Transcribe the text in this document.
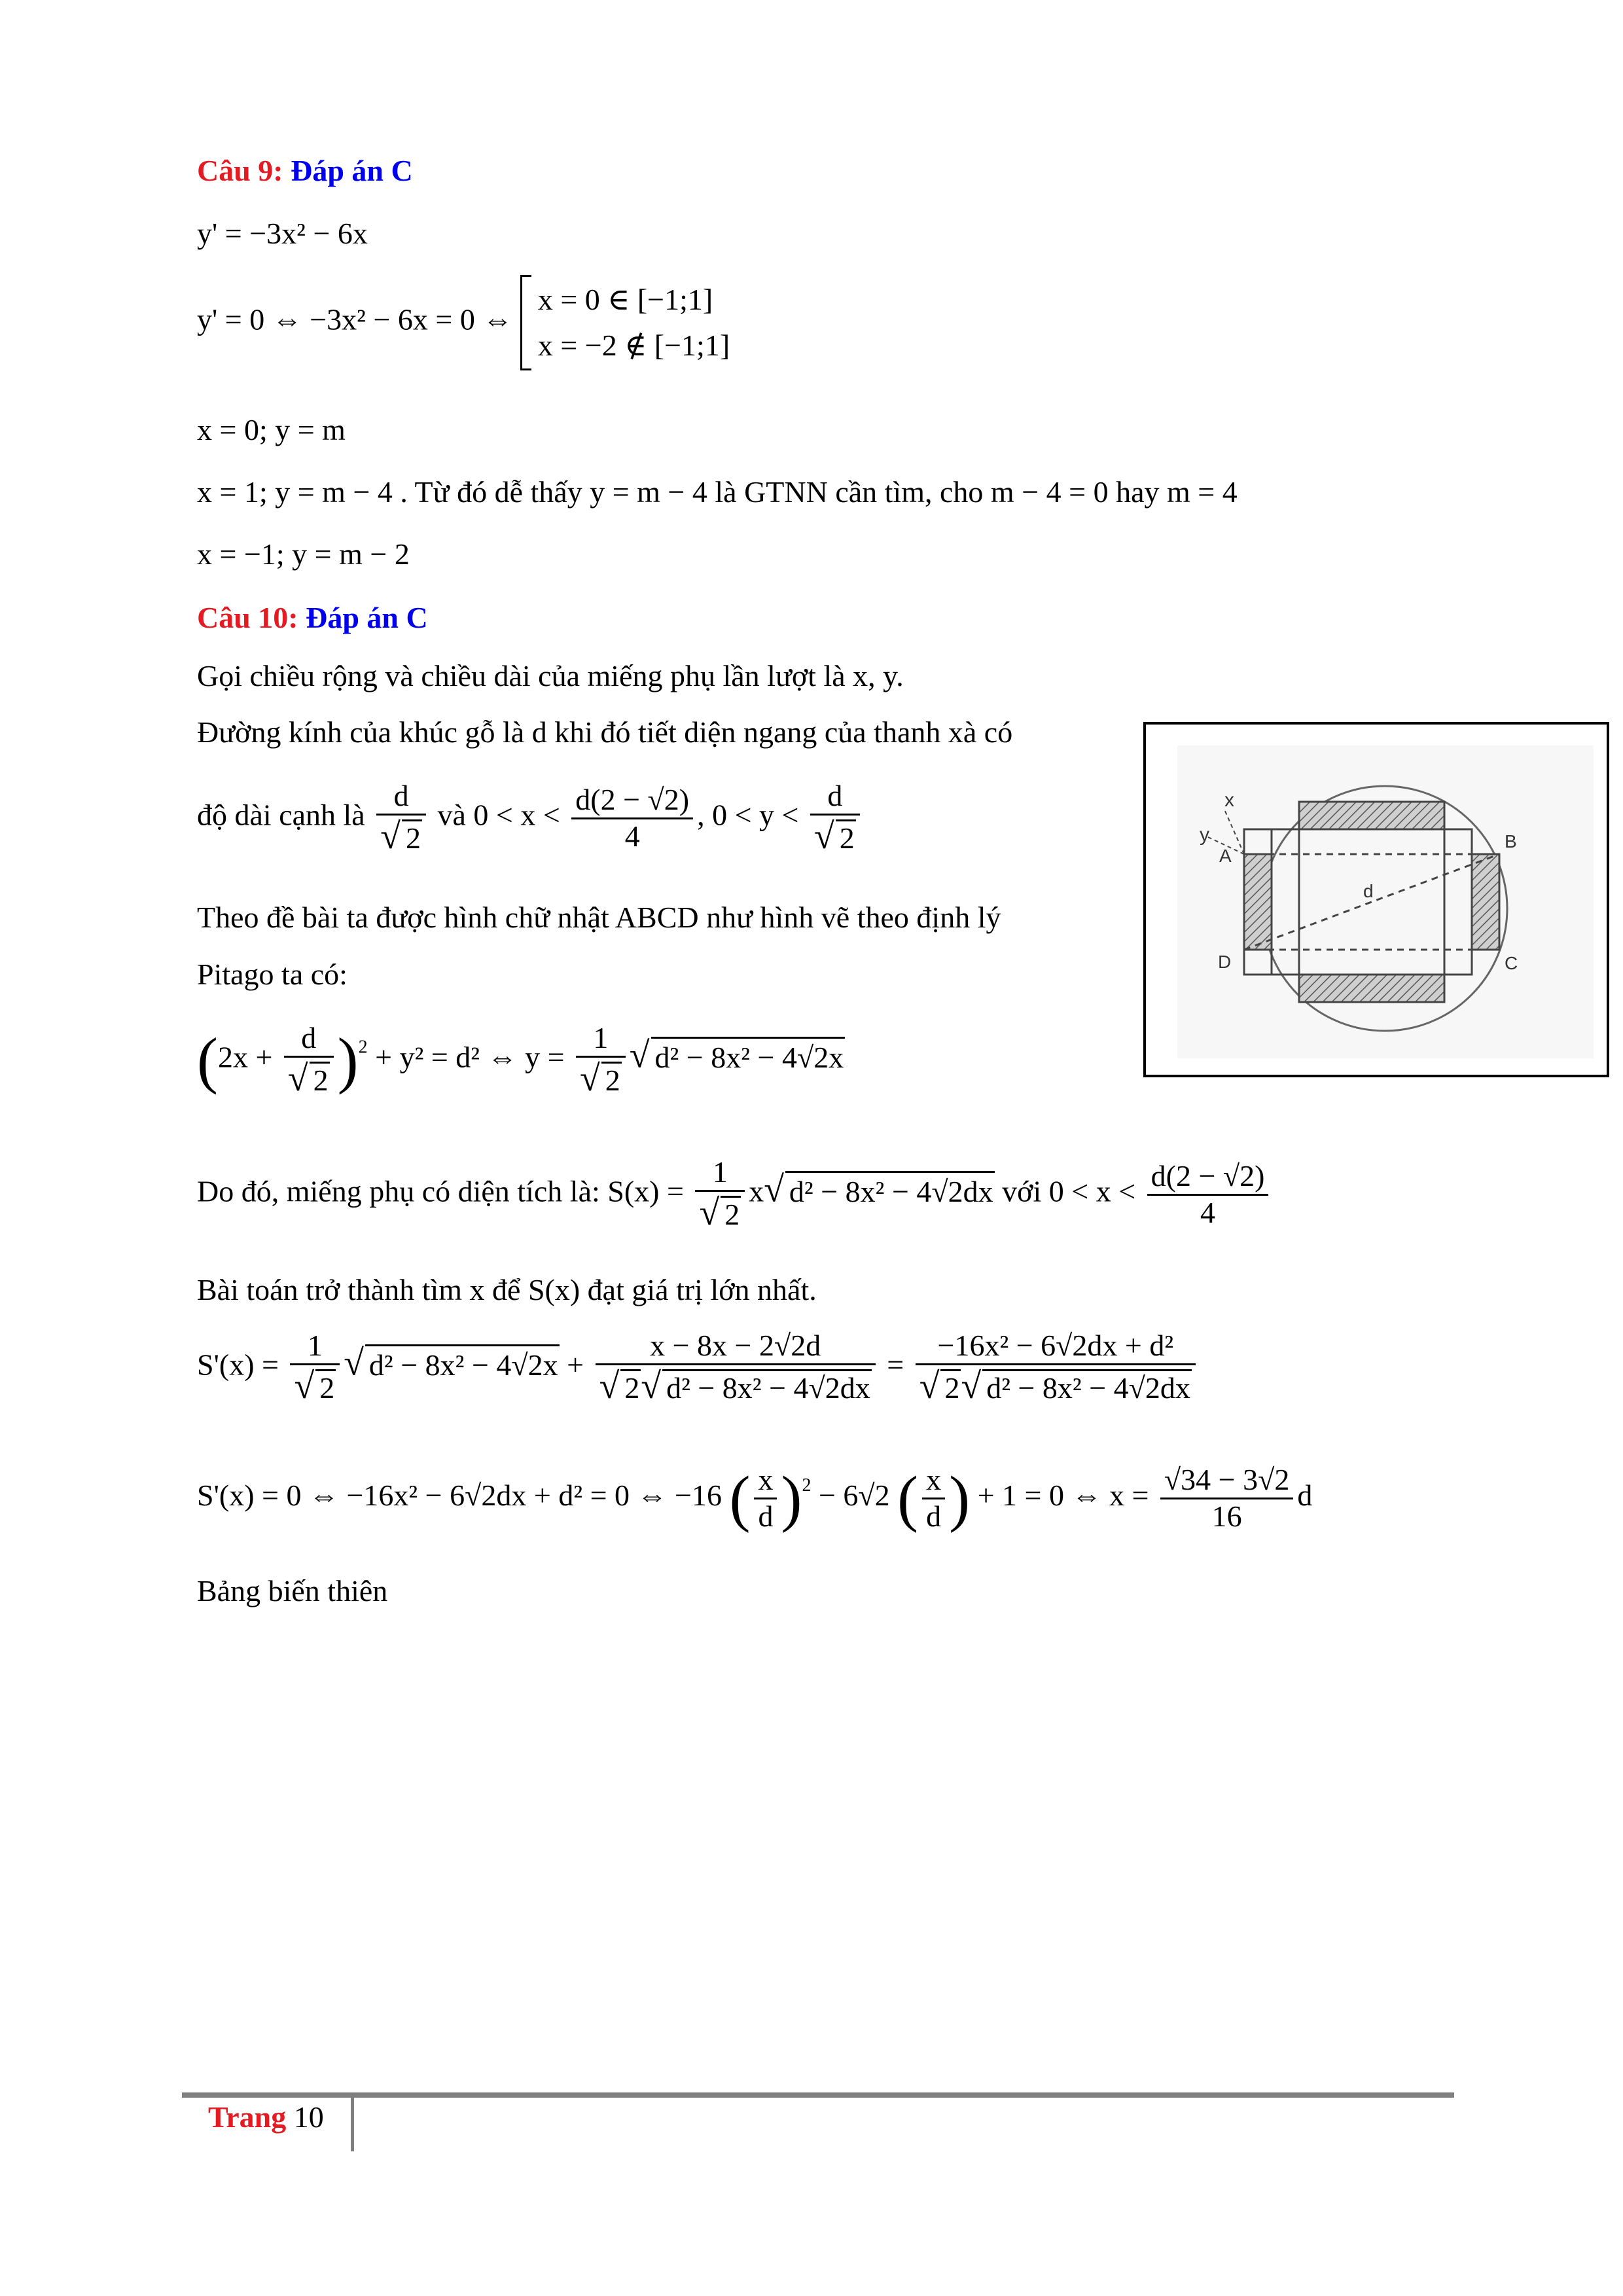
Câu 9: Đáp án C
y' = −3x² − 6x
y' = 0 ⇔ −3x² − 6x = 0 ⇔
x = 0 ∈ [−1;1]
x = −2 ∉ [−1;1]
x = 0; y = m
x = 1; y = m − 4 . Từ đó dễ thấy y = m − 4 là GTNN cần tìm, cho m − 4 = 0 hay m = 4
x = −1; y = m − 2
Câu 10: Đáp án C
Gọi chiều rộng và chiều dài của miếng phụ lần lượt là x, y.
Đường kính của khúc gỗ là d khi đó tiết diện ngang của thanh xà có
độ dài cạnh là $\frac{d}{√ 2}$ và $0 < x < \frac{d(2 - √2)}{4}$ , $0 < y < \frac{d}{√ 2}$
Theo đề bài ta được hình chữ nhật ABCD như hình vẽ theo định lý
Pitago ta có:
$(2x + \frac{d}{√ 2} )^2 + y^2 = d^2$ ⇔ $y = \frac{1}{√ 2}$ √ d² − 8x² − 4√2x
Do đó, miếng phụ có diện tích là: $S(x) = \frac{1}{√ 2} x√$ d² − 8x² − 4√2dx với $0 < x < \frac{d(2 - √2)}{4}$
Bài toán trở thành tìm x để S(x) đạt giá trị lớn nhất.
$S'(x) = \frac{1}{√ 2}$ √ $d^2 - 8x^2 - 4√2x + \frac{x - 8x - 2√2d}{\text{√ 2√ d² − 8x² − 4√2dx}} = \frac{\text{−16x² − 6√2dx + d²}}{\text{√ 2√ d² − 8x² − 4√2dx}}$
S'(x) = 0 ⇔ −16x² − 6√2dx + d² = 0 ⇔ −16 ( $\frac{x}{d} )^2 - 6√2$ ( $\frac{x}{d}$ ) + 1 = 0 ⇔ $x = \frac{√34 - 3√2}{16}$ d
Bảng biến thiên
x
y
A
B
C
D
d
Trang 10
